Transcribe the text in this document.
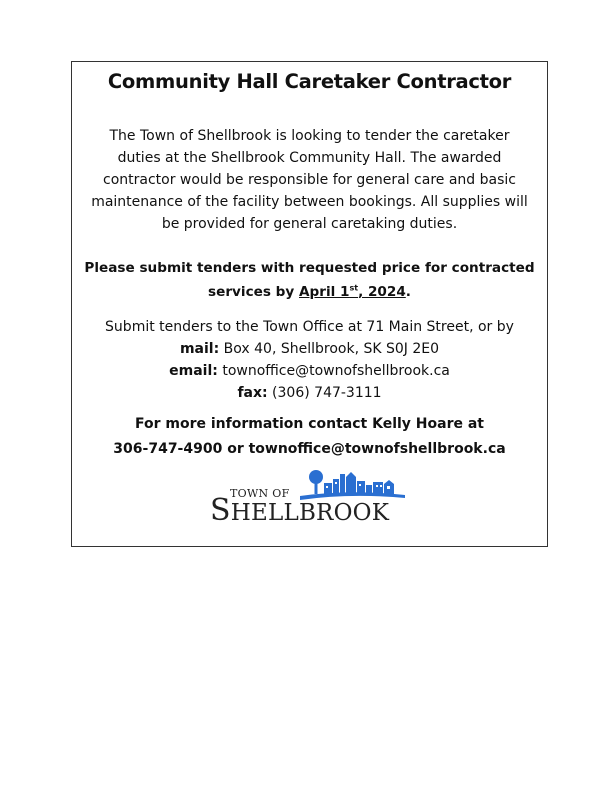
Community Hall Caretaker Contractor

The Town of Shellbrook is looking to tender the caretaker
duties at the Shellbrook Community Hall. The awarded
contractor would be responsible for general care and basic
maintenance of the facility between bookings. All supplies will
be provided for general caretaking duties.

Please submit tenders with requested price for contracted
services by April 1st, 2024.

Submit tenders to the Town Office at 71 Main Street, or by
mail: Box 40, Shellbrook, SK S0J 2E0
email: townoffice@townofshellbrook.ca
fax: (306) 747-3111

For more information contact Kelly Hoare at
306-747-4900 or townoffice@townofshellbrook.ca

TOWN OF
SHELLBROOK
